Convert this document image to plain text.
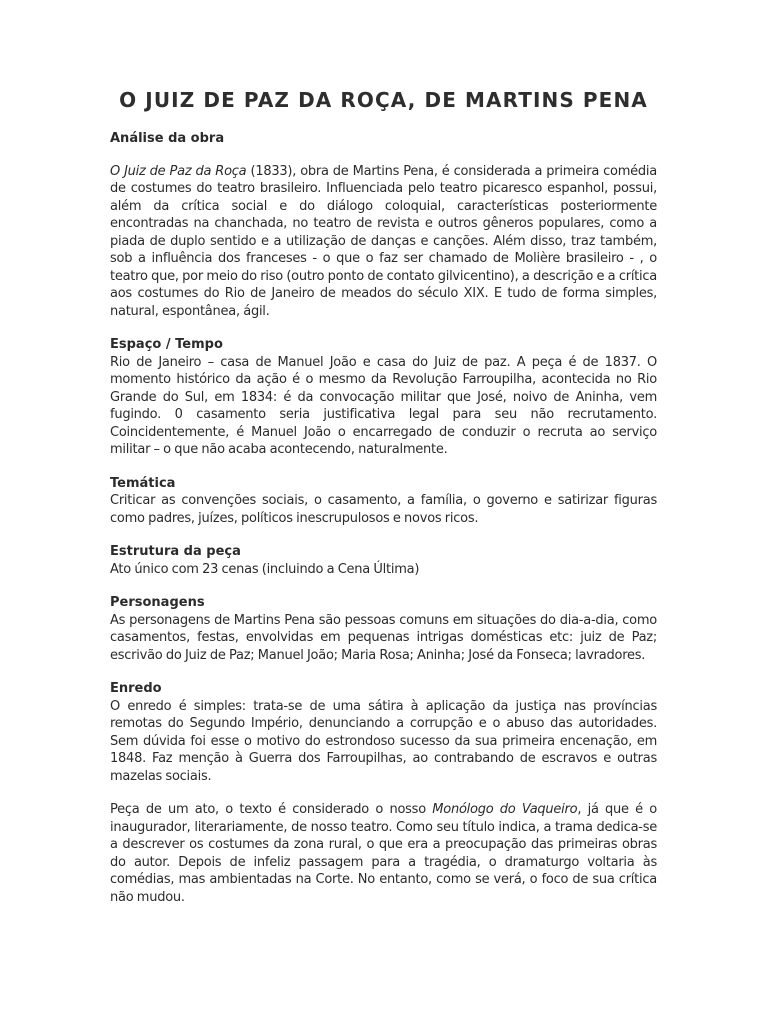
O JUIZ DE PAZ DA ROÇA, DE MARTINS PENA
Análise da obra

O Juiz de Paz da Roça (1833), obra de Martins Pena, é considerada a primeira comédia de costumes do teatro brasileiro. Influenciada pelo teatro picaresco espanhol, possui, além da crítica social e do diálogo coloquial, características posteriormente encontradas na chanchada, no teatro de revista e outros gêneros populares, como a piada de duplo sentido e a utilização de danças e canções. Além disso, traz também, sob a influência dos franceses - o que o faz ser chamado de Molière brasileiro - , o teatro que, por meio do riso (outro ponto de contato gilvicentino), a descrição e a crítica aos costumes do Rio de Janeiro de meados do século XIX. E tudo de forma simples, natural, espontânea, ágil.

Espaço / Tempo

Rio de Janeiro – casa de Manuel João e casa do Juiz de paz. A peça é de 1837. O momento histórico da ação é o mesmo da Revolução Farroupilha, acontecida no Rio Grande do Sul, em 1834: é da convocação militar que José, noivo de Aninha, vem fugindo. 0 casamento seria justificativa legal para seu não recrutamento. Coincidentemente, é Manuel João o encarregado de conduzir o recruta ao serviço militar – o que não acaba acontecendo, naturalmente.

Temática

Criticar as convenções sociais, o casamento, a família, o governo e satirizar figuras como padres, juízes, políticos inescrupulosos e novos ricos.

Estrutura da peça

Ato único com 23 cenas (incluindo a Cena Última)

Personagens

As personagens de Martins Pena são pessoas comuns em situações do dia-a-dia, como casamentos, festas, envolvidas em pequenas intrigas domésticas etc: juiz de Paz; escrivão do Juiz de Paz; Manuel João; Maria Rosa; Aninha; José da Fonseca; lavradores.

Enredo

O enredo é simples: trata-se de uma sátira à aplicação da justiça nas províncias remotas do Segundo Império, denunciando a corrupção e o abuso das autoridades. Sem dúvida foi esse o motivo do estrondoso sucesso da sua primeira encenação, em 1848. Faz menção à Guerra dos Farroupilhas, ao contrabando de escravos e outras mazelas sociais.

Peça de um ato, o texto é considerado o nosso Monólogo do Vaqueiro, já que é o inaugurador, literariamente, de nosso teatro. Como seu título indica, a trama dedica-se a descrever os costumes da zona rural, o que era a preocupação das primeiras obras do autor. Depois de infeliz passagem para a tragédia, o dramaturgo voltaria às comédias, mas ambientadas na Corte. No entanto, como se verá, o foco de sua crítica não mudou.
